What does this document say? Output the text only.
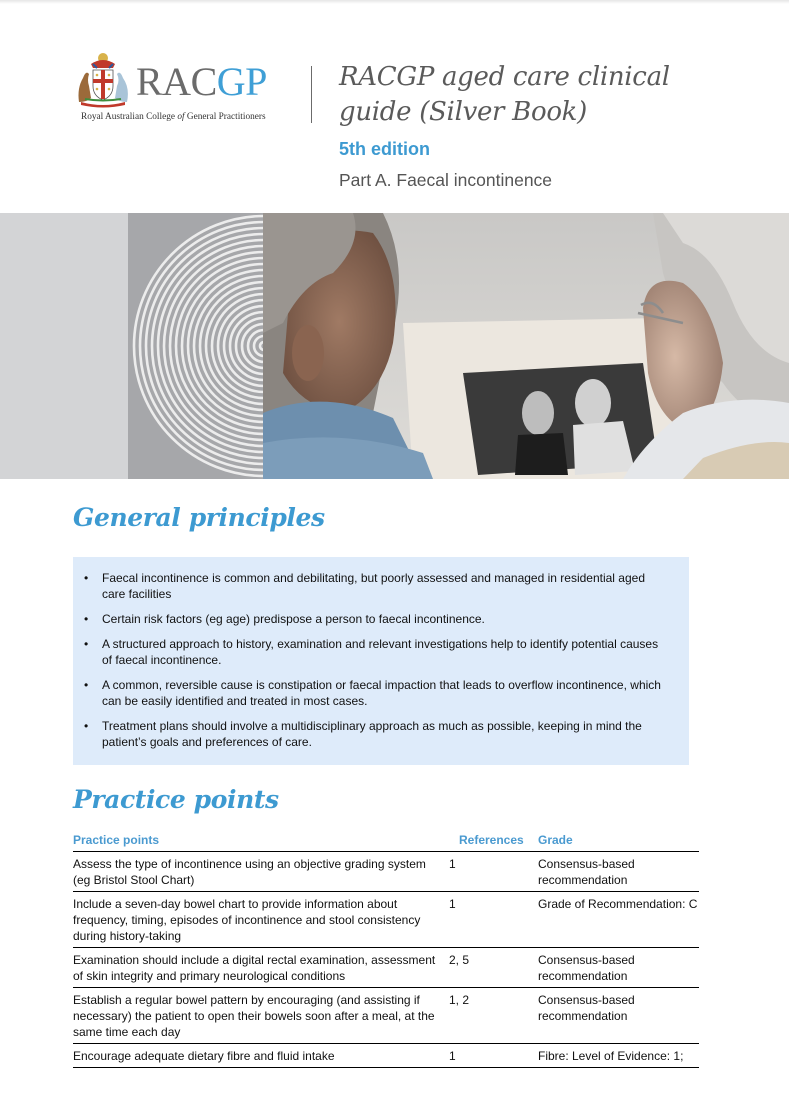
RACGP
Royal Australian College of General Practitioners
RACGP aged care clinical
guide (Silver Book)
5th edition
Part A. Faecal incontinence
General principles
• Faecal incontinence is common and debilitating, but poorly assessed and managed in residential aged care facilities
• Certain risk factors (eg age) predispose a person to faecal incontinence.
• A structured approach to history, examination and relevant investigations help to identify potential causes of faecal incontinence.
• A common, reversible cause is constipation or faecal impaction that leads to overflow incontinence, which can be easily identified and treated in most cases.
• Treatment plans should involve a multidisciplinary approach as much as possible, keeping in mind the patient’s goals and preferences of care.
Practice points
Practice points	References	Grade
Assess the type of incontinence using an objective grading system (eg Bristol Stool Chart)	1	Consensus-based recommendation
Include a seven-day bowel chart to provide information about frequency, timing, episodes of incontinence and stool consistency during history-taking	1	Grade of Recommendation: C
Examination should include a digital rectal examination, assessment of skin integrity and primary neurological conditions	2, 5	Consensus-based recommendation
Establish a regular bowel pattern by encouraging (and assisting if necessary) the patient to open their bowels soon after a meal, at the same time each day	1, 2	Consensus-based recommendation
Encourage adequate dietary fibre and fluid intake	1	Fibre: Level of Evidence: 1;
